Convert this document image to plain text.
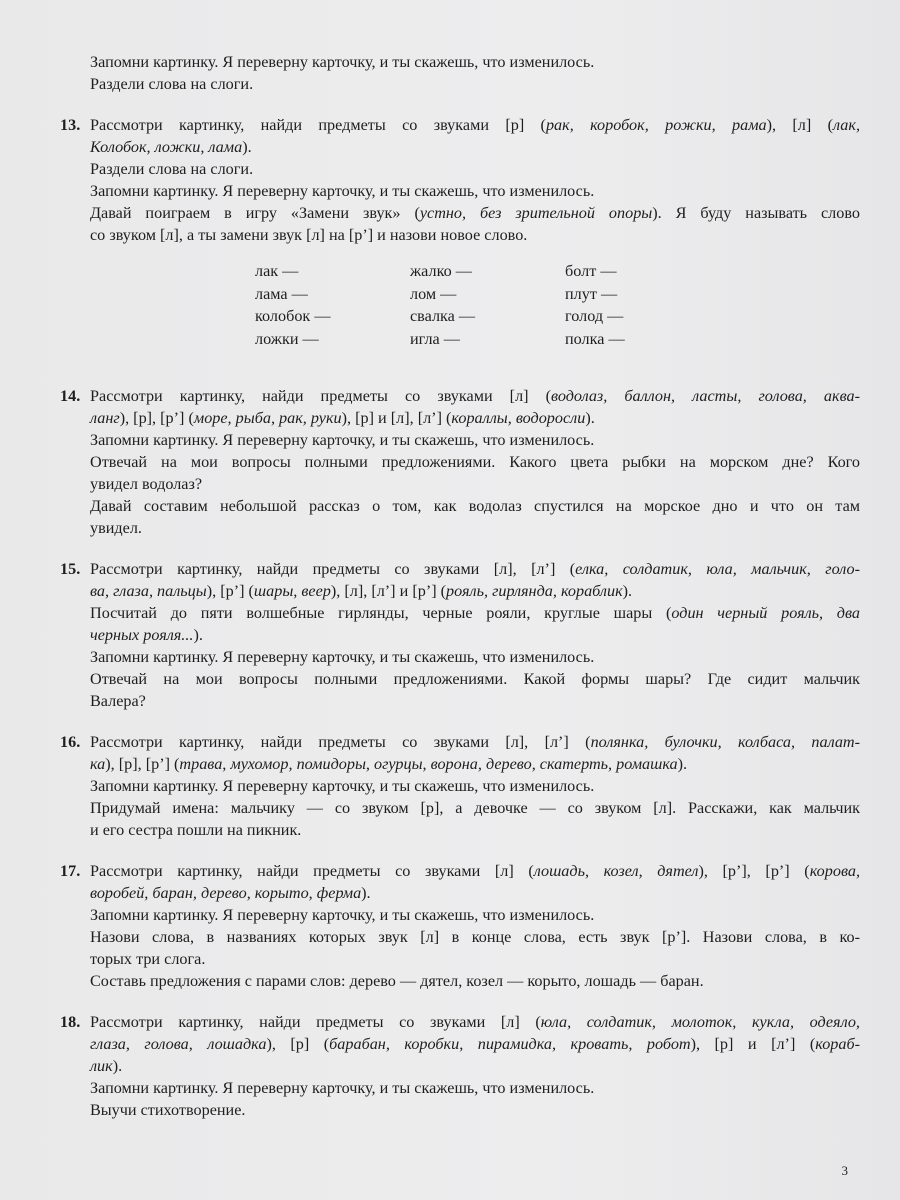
Запомни картинку. Я переверну карточку, и ты скажешь, что изменилось.
Раздели слова на слоги.
13. Рассмотри картинку, найди предметы со звуками [р] (рак, коробок, рожки, рама), [л] (лак,
Колобок, ложки, лама).
Раздели слова на слоги.
Запомни картинку. Я переверну карточку, и ты скажешь, что изменилось.
Давай поиграем в игру «Замени звук» (устно, без зрительной опоры). Я буду называть слово
со звуком [л], а ты замени звук [л] на [р’] и назови новое слово.
лак —
лама —
колобок —
ложки —
жалко —
лом —
свалка —
игла —
болт —
плут —
голод —
полка —
14. Рассмотри картинку, найди предметы со звуками [л] (водолаз, баллон, ласты, голова, аква-
ланг), [р], [р’] (море, рыба, рак, руки), [р] и [л], [л’] (кораллы, водоросли).
Запомни картинку. Я переверну карточку, и ты скажешь, что изменилось.
Отвечай на мои вопросы полными предложениями. Какого цвета рыбки на морском дне? Кого
увидел водолаз?
Давай составим небольшой рассказ о том, как водолаз спустился на морское дно и что он там
увидел.
15. Рассмотри картинку, найди предметы со звуками [л], [л’] (елка, солдатик, юла, мальчик, голо-
ва, глаза, пальцы), [р’] (шары, веер), [л], [л’] и [р’] (рояль, гирлянда, кораблик).
Посчитай до пяти волшебные гирлянды, черные рояли, круглые шары (один черный рояль, два
черных рояля...).
Запомни картинку. Я переверну карточку, и ты скажешь, что изменилось.
Отвечай на мои вопросы полными предложениями. Какой формы шары? Где сидит мальчик
Валера?
16. Рассмотри картинку, найди предметы со звуками [л], [л’] (полянка, булочки, колбаса, палат-
ка), [р], [р’] (трава, мухомор, помидоры, огурцы, ворона, дерево, скатерть, ромашка).
Запомни картинку. Я переверну карточку, и ты скажешь, что изменилось.
Придумай имена: мальчику — со звуком [р], а девочке — со звуком [л]. Расскажи, как мальчик
и его сестра пошли на пикник.
17. Рассмотри картинку, найди предметы со звуками [л] (лошадь, козел, дятел), [р’], [р’] (корова,
воробей, баран, дерево, корыто, ферма).
Запомни картинку. Я переверну карточку, и ты скажешь, что изменилось.
Назови слова, в названиях которых звук [л] в конце слова, есть звук [р’]. Назови слова, в ко-
торых три слога.
Составь предложения с парами слов: дерево — дятел, козел — корыто, лошадь — баран.
18. Рассмотри картинку, найди предметы со звуками [л] (юла, солдатик, молоток, кукла, одеяло,
глаза, голова, лошадка), [р] (барабан, коробки, пирамидка, кровать, робот), [р] и [л’] (кораб-
лик).
Запомни картинку. Я переверну карточку, и ты скажешь, что изменилось.
Выучи стихотворение.
3
